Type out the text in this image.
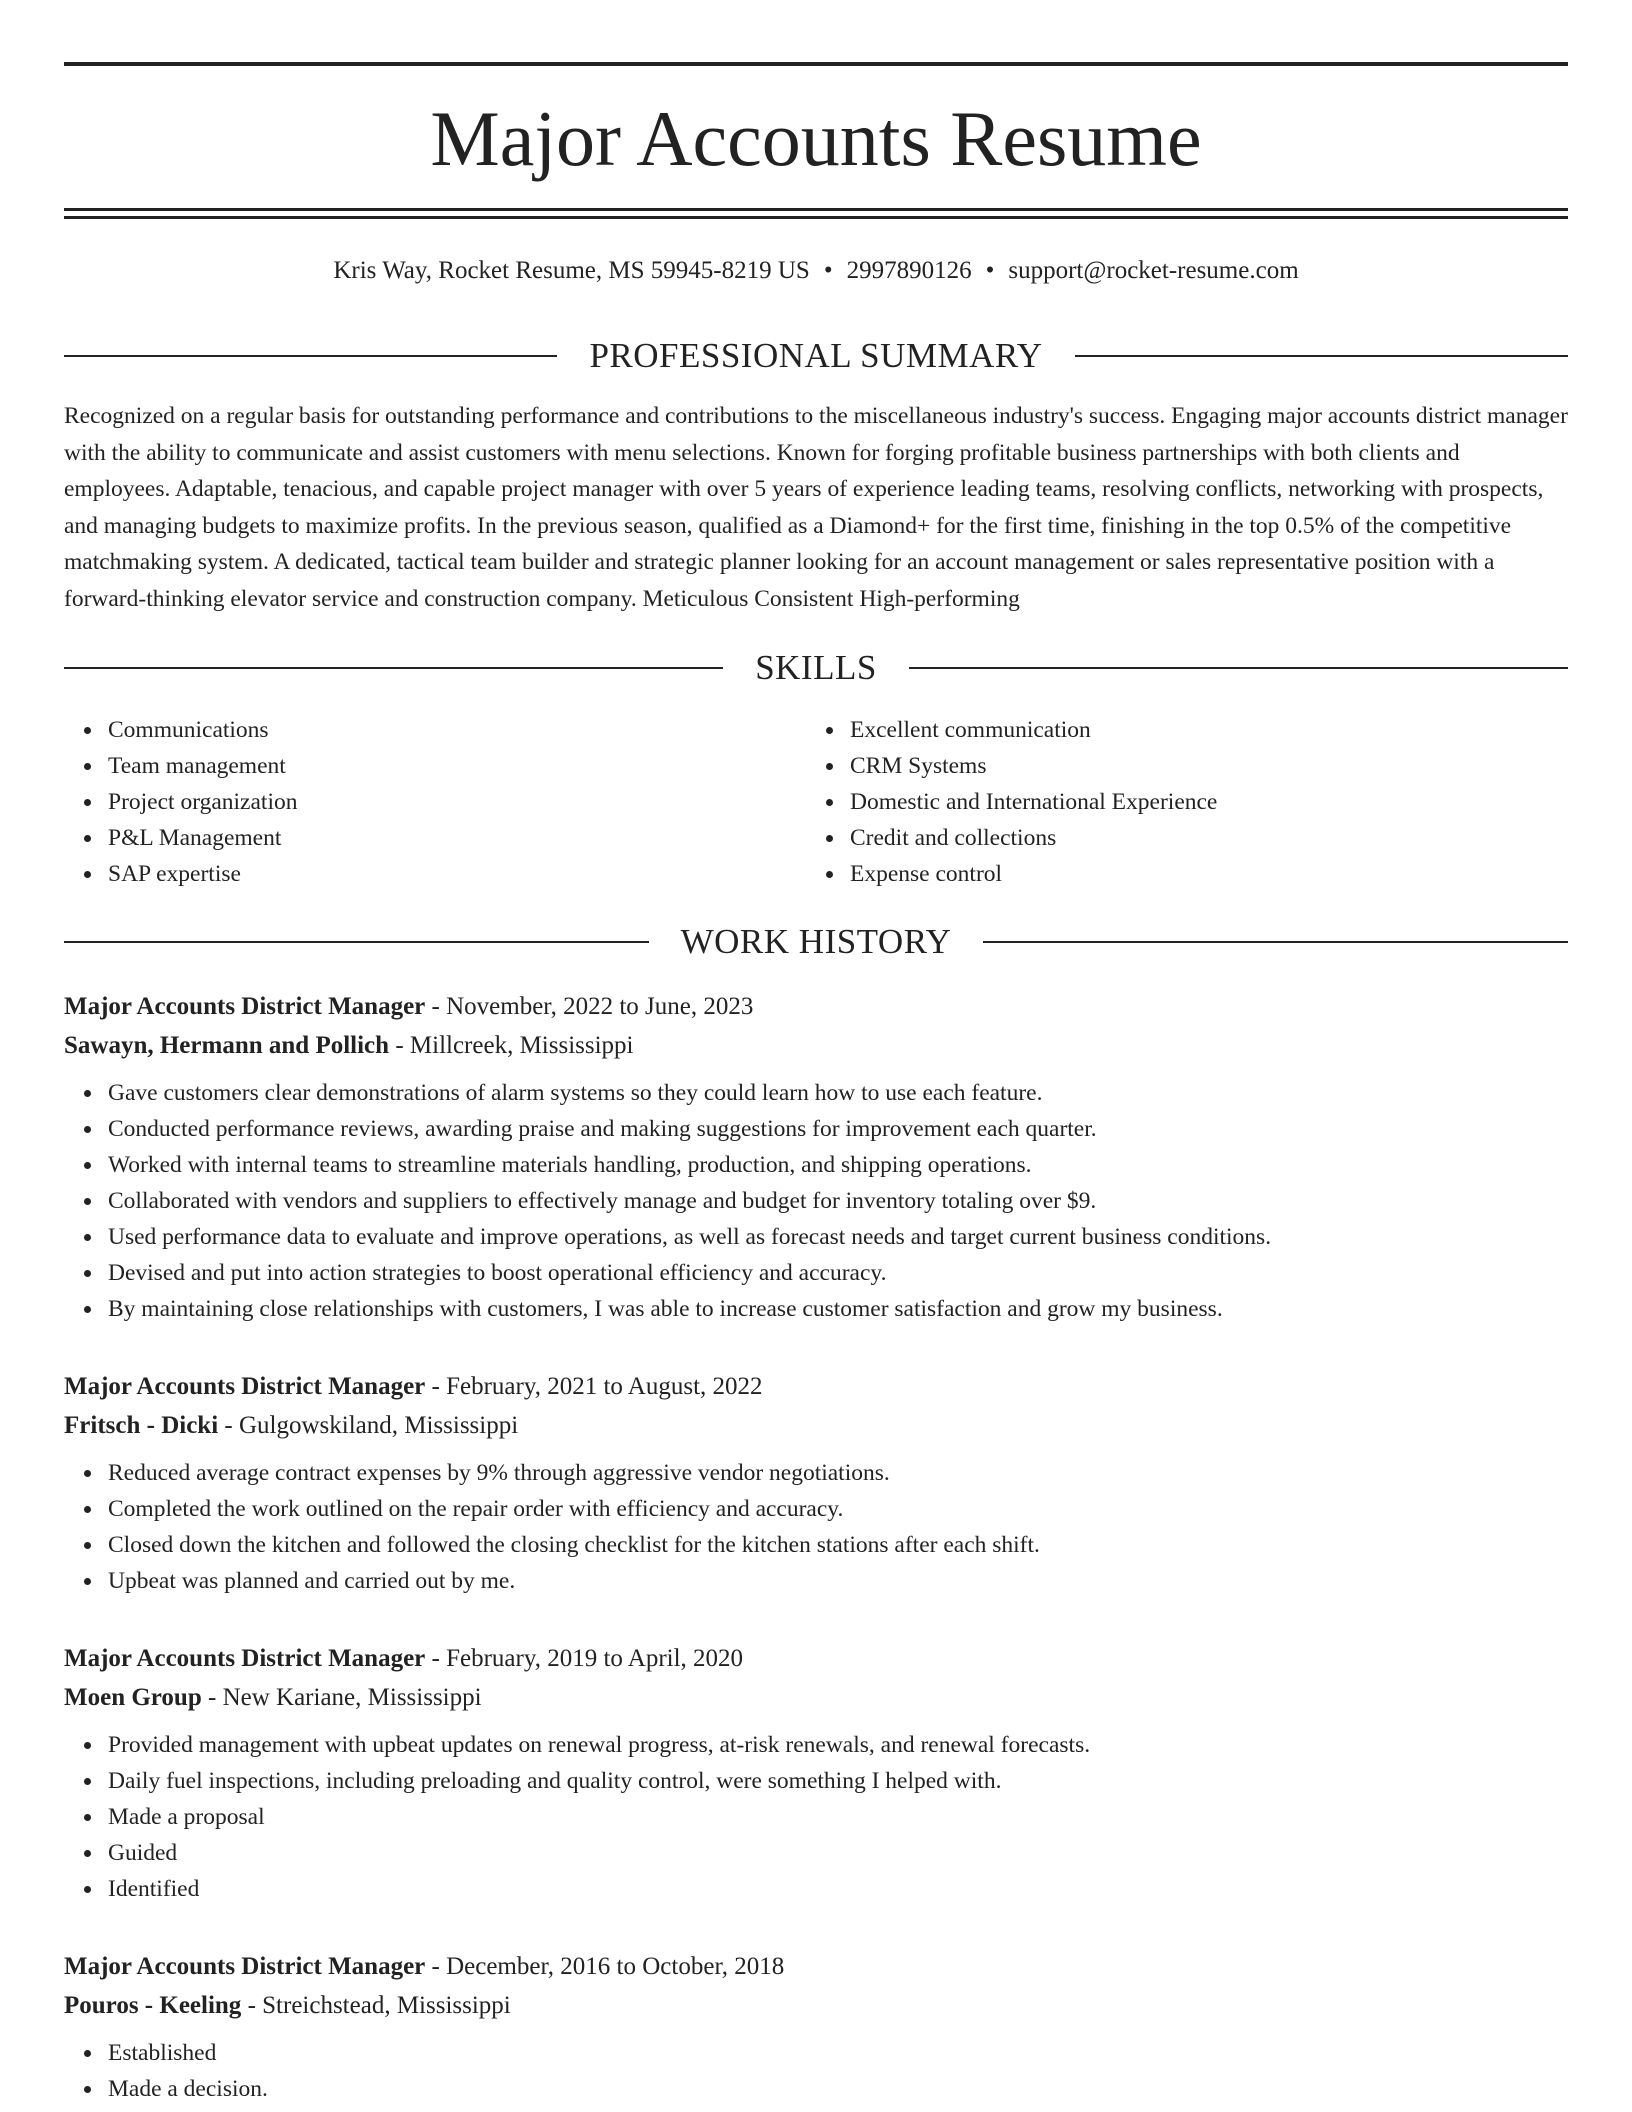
Major Accounts Resume
Kris Way, Rocket Resume, MS 59945-8219 US • 2997890126 • support@rocket-resume.com
PROFESSIONAL SUMMARY
Recognized on a regular basis for outstanding performance and contributions to the miscellaneous industry's success. Engaging major accounts district manager with the ability to communicate and assist customers with menu selections. Known for forging profitable business partnerships with both clients and employees. Adaptable, tenacious, and capable project manager with over 5 years of experience leading teams, resolving conflicts, networking with prospects, and managing budgets to maximize profits. In the previous season, qualified as a Diamond+ for the first time, finishing in the top 0.5% of the competitive matchmaking system. A dedicated, tactical team builder and strategic planner looking for an account management or sales representative position with a forward-thinking elevator service and construction company. Meticulous Consistent High-performing
SKILLS
Communications
Team management
Project organization
P&L Management
SAP expertise
Excellent communication
CRM Systems
Domestic and International Experience
Credit and collections
Expense control
WORK HISTORY
Major Accounts District Manager - November, 2022 to June, 2023
Sawayn, Hermann and Pollich - Millcreek, Mississippi
Gave customers clear demonstrations of alarm systems so they could learn how to use each feature.
Conducted performance reviews, awarding praise and making suggestions for improvement each quarter.
Worked with internal teams to streamline materials handling, production, and shipping operations.
Collaborated with vendors and suppliers to effectively manage and budget for inventory totaling over $9.
Used performance data to evaluate and improve operations, as well as forecast needs and target current business conditions.
Devised and put into action strategies to boost operational efficiency and accuracy.
By maintaining close relationships with customers, I was able to increase customer satisfaction and grow my business.
Major Accounts District Manager - February, 2021 to August, 2022
Fritsch - Dicki - Gulgowskiland, Mississippi
Reduced average contract expenses by 9% through aggressive vendor negotiations.
Completed the work outlined on the repair order with efficiency and accuracy.
Closed down the kitchen and followed the closing checklist for the kitchen stations after each shift.
Upbeat was planned and carried out by me.
Major Accounts District Manager - February, 2019 to April, 2020
Moen Group - New Kariane, Mississippi
Provided management with upbeat updates on renewal progress, at-risk renewals, and renewal forecasts.
Daily fuel inspections, including preloading and quality control, were something I helped with.
Made a proposal
Guided
Identified
Major Accounts District Manager - December, 2016 to October, 2018
Pouros - Keeling - Streichstead, Mississippi
Established
Made a decision.
